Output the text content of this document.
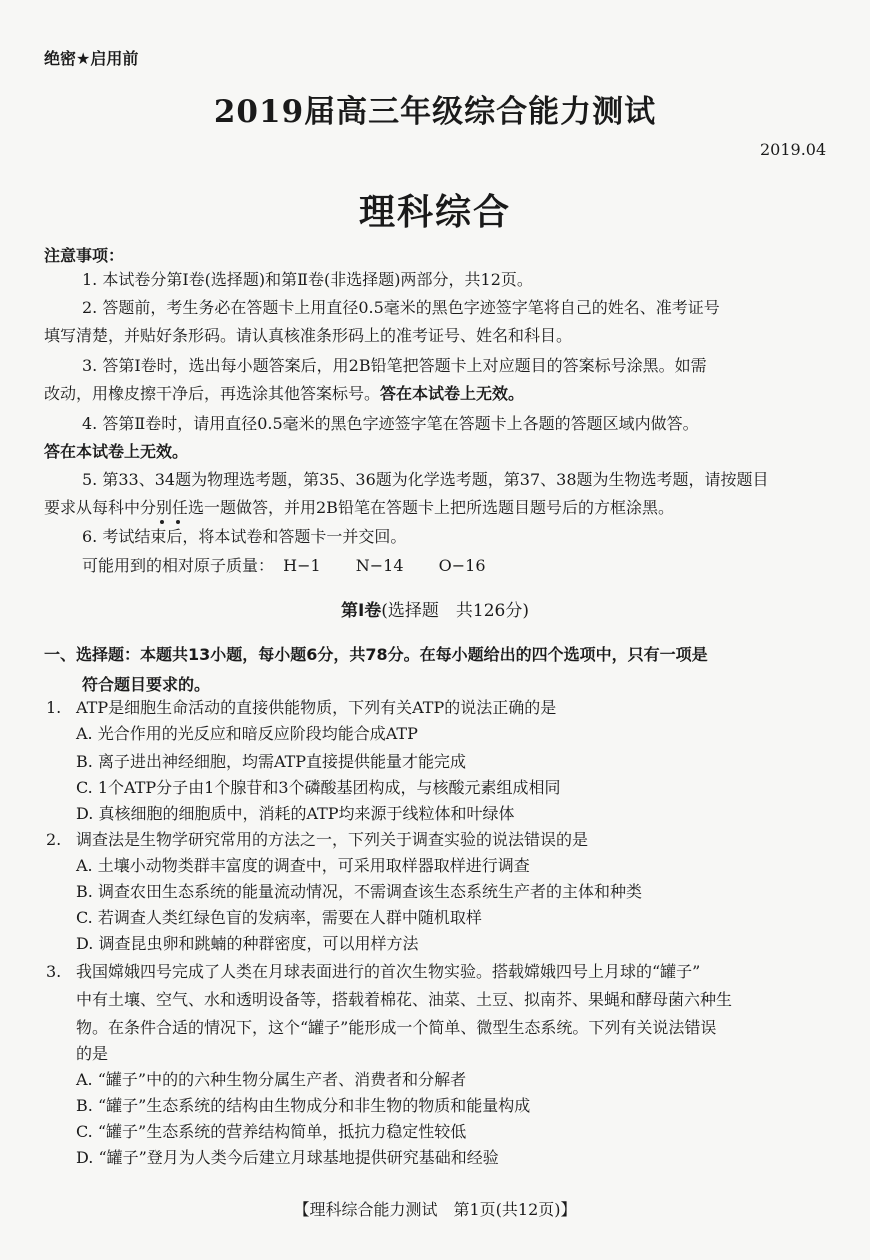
绝密★启用前
2019届高三年级综合能力测试
2019.04
理科综合
注意事项：
1. 本试卷分第Ⅰ卷(选择题)和第Ⅱ卷(非选择题)两部分，共12页。
2. 答题前，考生务必在答题卡上用直径0.5毫米的黑色字迹签字笔将自己的姓名、准考证号
填写清楚，并贴好条形码。请认真核准条形码上的准考证号、姓名和科目。
3. 答第Ⅰ卷时，选出每小题答案后，用2B铅笔把答题卡上对应题目的答案标号涂黑。如需
改动，用橡皮擦干净后，再选涂其他答案标号。答在本试卷上无效。
4. 答第Ⅱ卷时，请用直径0.5毫米的黑色字迹签字笔在答题卡上各题的答题区域内做答。
答在本试卷上无效。
5. 第33、34题为物理选考题，第35、36题为化学选考题，第37、38题为生物选考题，请按题目
要求从每科中分别任选一题做答，并用2B铅笔在答题卡上把所选题目题号后的方框涂黑。
6. 考试结束后，将本试卷和答题卡一并交回。
可能用到的相对原子质量： H−1 N−14 O−16
第Ⅰ卷(选择题　共126分)
一、选择题：本题共13小题，每小题6分，共78分。在每小题给出的四个选项中，只有一项是
符合题目要求的。
1. ATP是细胞生命活动的直接供能物质，下列有关ATP的说法正确的是
A. 光合作用的光反应和暗反应阶段均能合成ATP
B. 离子进出神经细胞，均需ATP直接提供能量才能完成
C. 1个ATP分子由1个腺苷和3个磷酸基团构成，与核酸元素组成相同
D. 真核细胞的细胞质中，消耗的ATP均来源于线粒体和叶绿体
2. 调查法是生物学研究常用的方法之一，下列关于调查实验的说法错误的是
A. 土壤小动物类群丰富度的调查中，可采用取样器取样进行调查
B. 调查农田生态系统的能量流动情况，不需调查该生态系统生产者的主体和种类
C. 若调查人类红绿色盲的发病率，需要在人群中随机取样
D. 调查昆虫卵和跳蝻的种群密度，可以用样方法
3. 我国嫦娥四号完成了人类在月球表面进行的首次生物实验。搭载嫦娥四号上月球的“罐子”
中有土壤、空气、水和透明设备等，搭载着棉花、油菜、土豆、拟南芥、果蝇和酵母菌六种生
物。在条件合适的情况下，这个“罐子”能形成一个简单、微型生态系统。下列有关说法错误
的是
A. “罐子”中的的六种生物分属生产者、消费者和分解者
B. “罐子”生态系统的结构由生物成分和非生物的物质和能量构成
C. “罐子”生态系统的营养结构简单，抵抗力稳定性较低
D. “罐子”登月为人类今后建立月球基地提供研究基础和经验
【理科综合能力测试　第1页(共12页)】
